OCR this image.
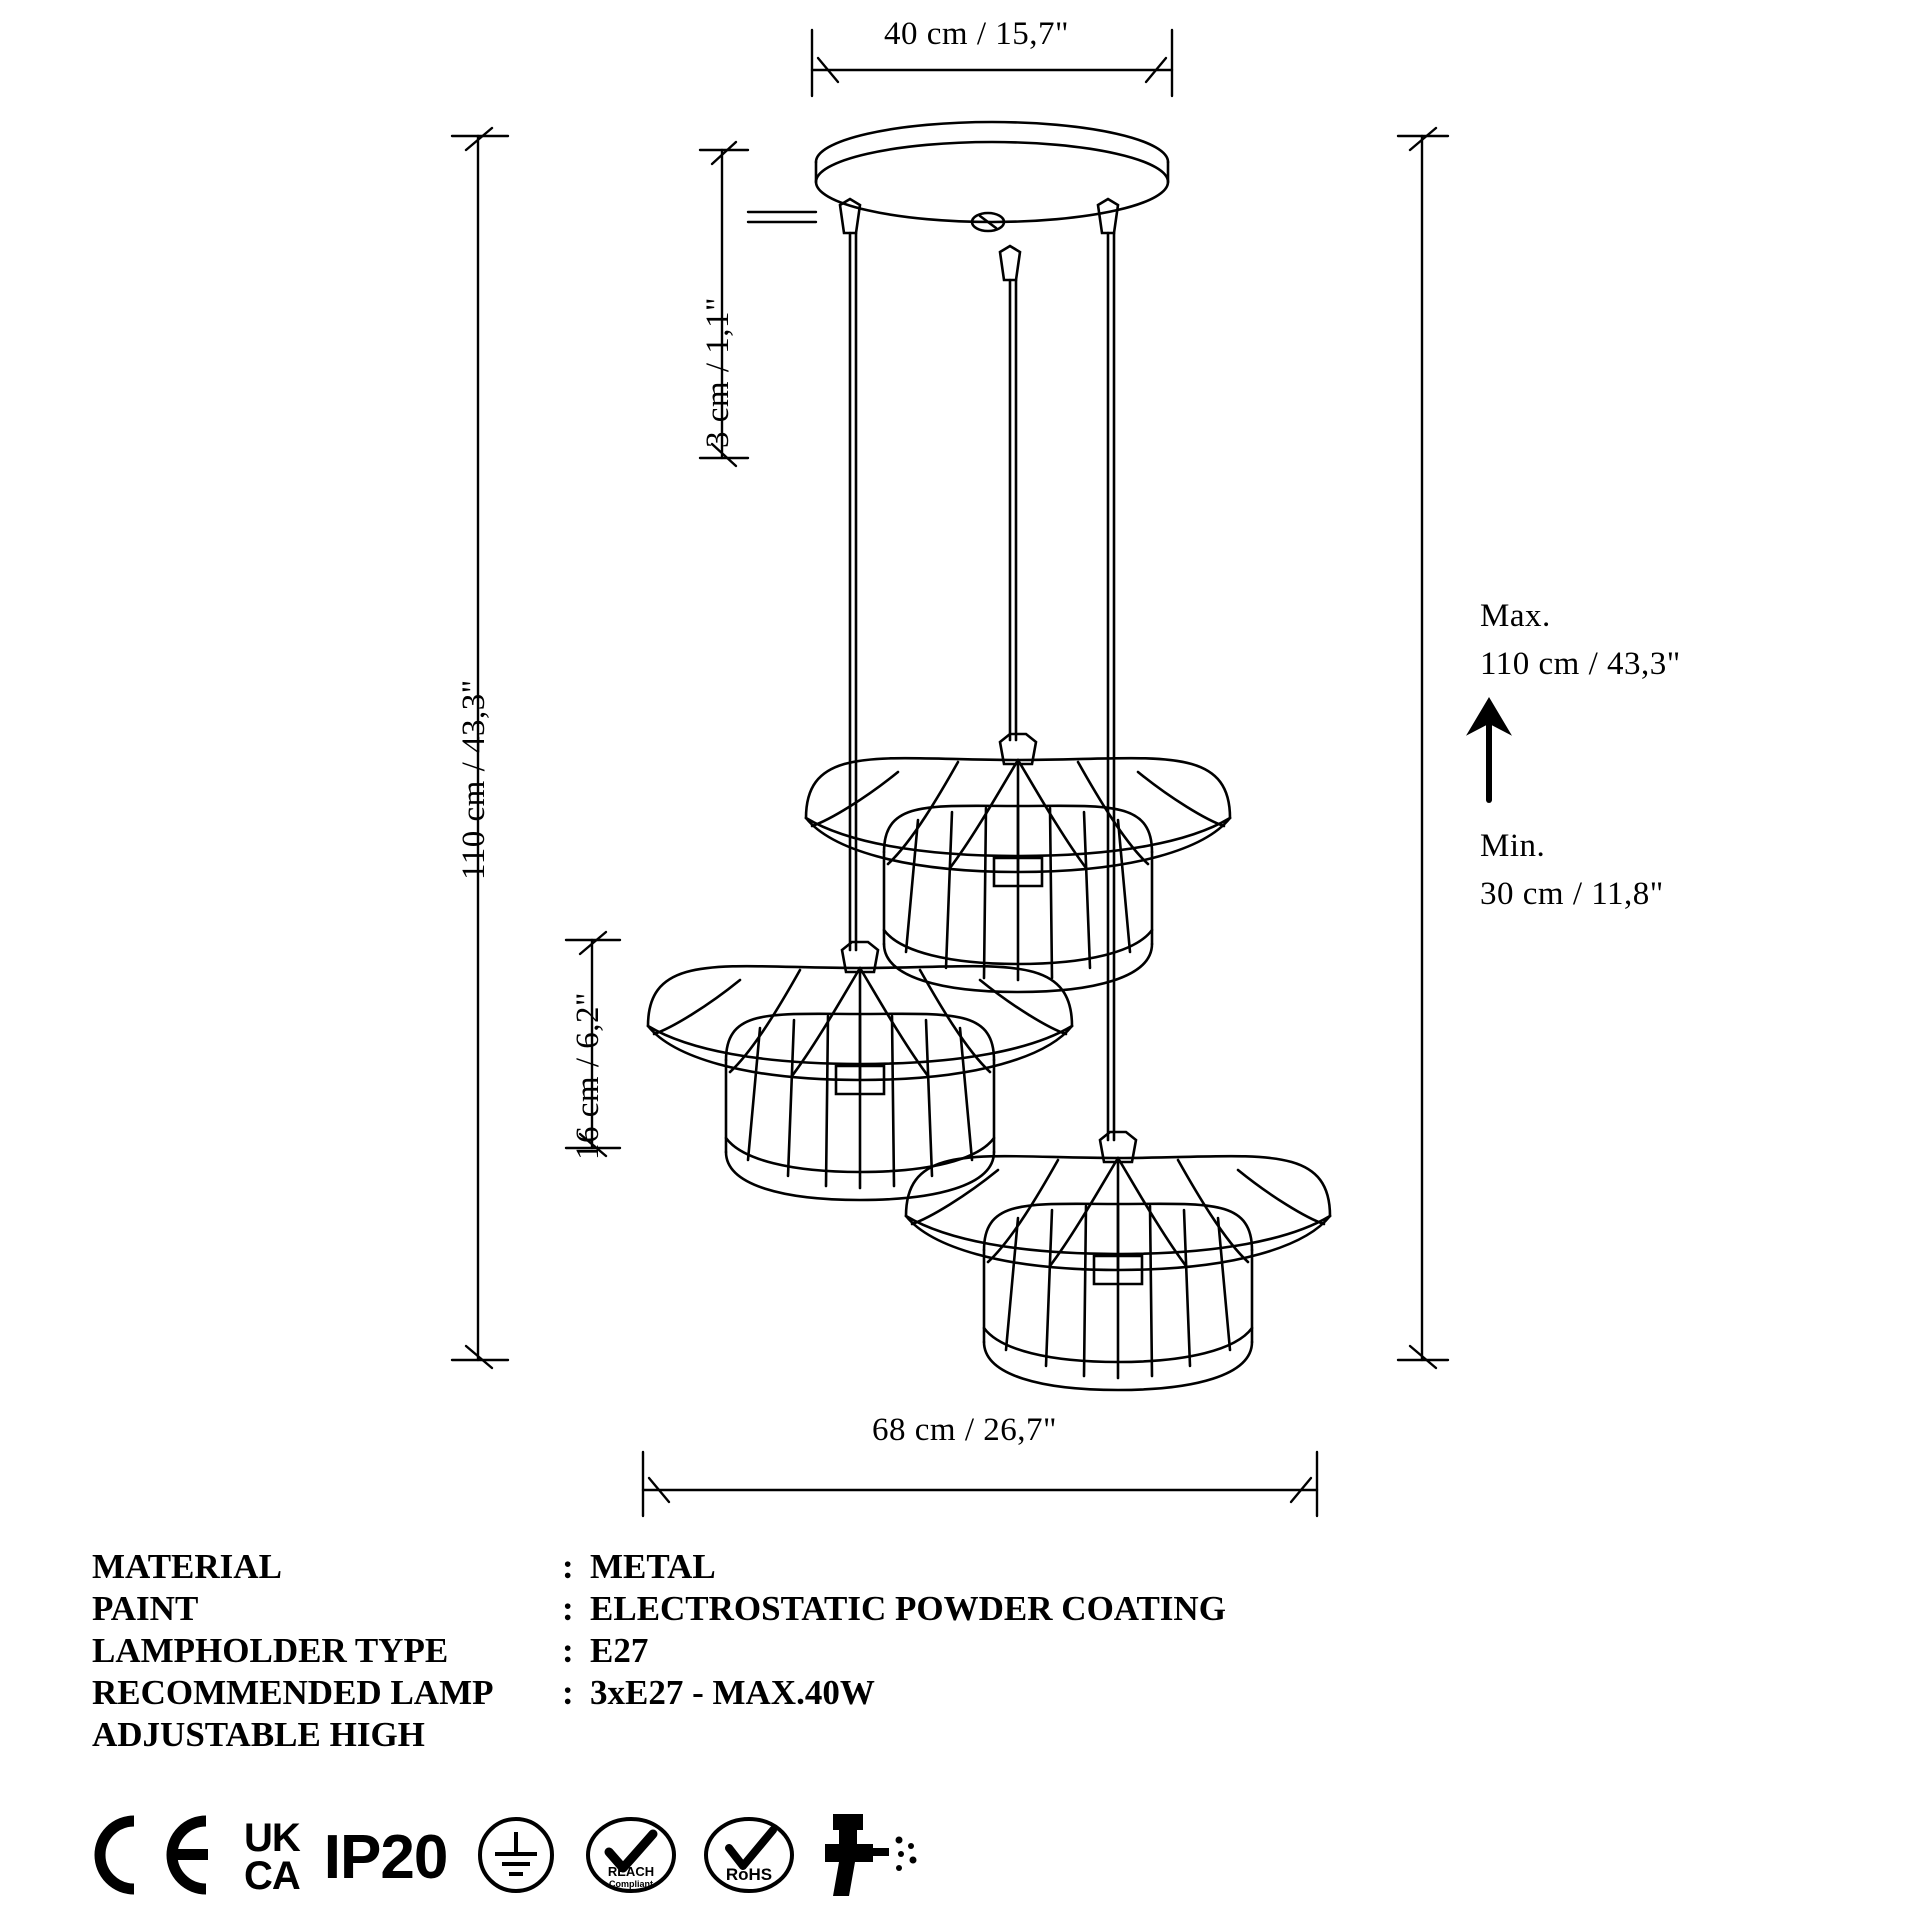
40 cm / 15,7"
3 cm / 1,1"
110 cm / 43,3"
16 cm / 6,2"
68 cm / 26,7"
Max.
110 cm / 43,3"
Min.
30 cm / 11,8"
MATERIAL	: METAL
PAINT	: ELECTROSTATIC POWDER COATING
LAMPHOLDER TYPE	: E27
RECOMMENDED LAMP	: 3xE27 - MAX.40W
ADJUSTABLE HIGH
UK
CA IP20	REACH
Compliant	RoHS
